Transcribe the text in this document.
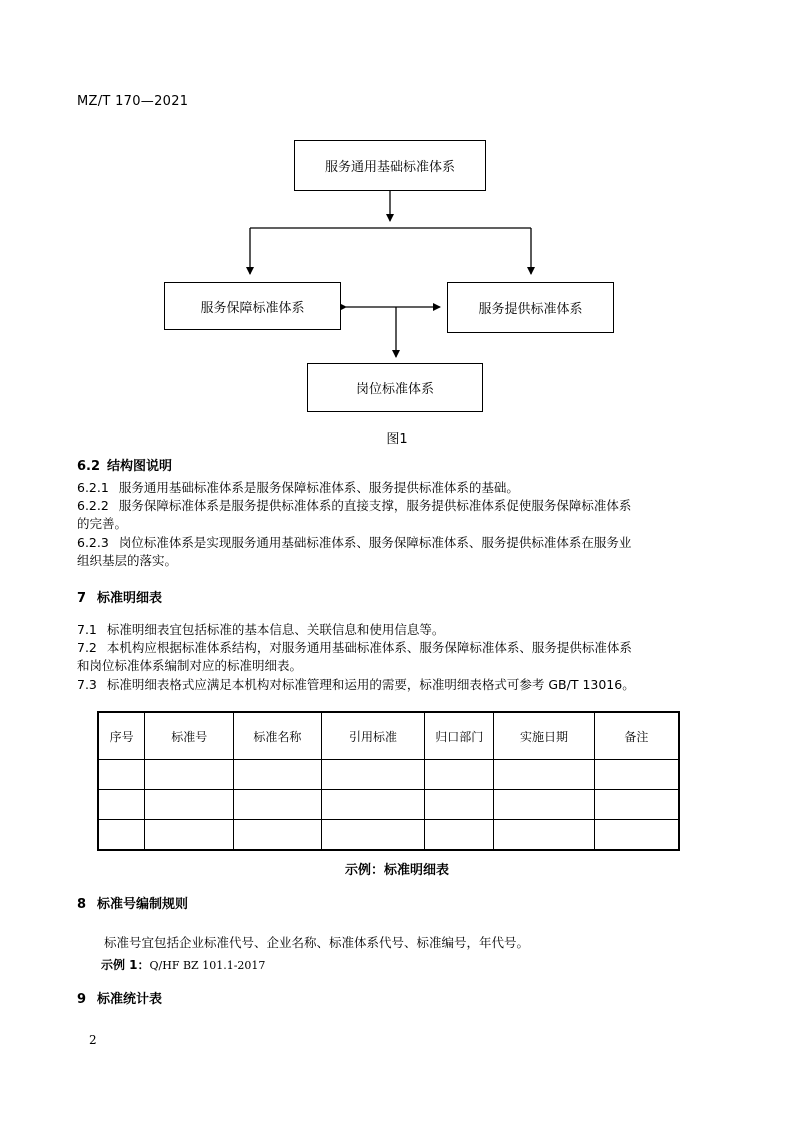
MZ/T 170—2021
服务通用基础标准体系
服务保障标准体系	服务提供标准体系
岗位标准体系
图1
6.2 结构图说明
6.2.1 服务通用基础标准体系是服务保障标准体系、服务提供标准体系的基础。
6.2.2 服务保障标准体系是服务提供标准体系的直接支撑，服务提供标准体系促使服务保障标准体系
的完善。
6.2.3 岗位标准体系是实现服务通用基础标准体系、服务保障标准体系、服务提供标准体系在服务业
组织基层的落实。
7 标准明细表
7.1 标准明细表宜包括标准的基本信息、关联信息和使用信息等。
7.2 本机构应根据标准体系结构，对服务通用基础标准体系、服务保障标准体系、服务提供标准体系
和岗位标准体系编制对应的标准明细表。
7.3 标准明细表格式应满足本机构对标准管理和运用的需要，标准明细表格式可参考 GB/T 13016。
序号	标准号	标准名称	引用标准	归口部门	实施日期	备注

示例：标准明细表
8 标准号编制规则
标准号宜包括企业标准代号、企业名称、标准体系代号、标准编号，年代号。
示例 1：Q/HF BZ 101.1-2017
9 标准统计表
2
